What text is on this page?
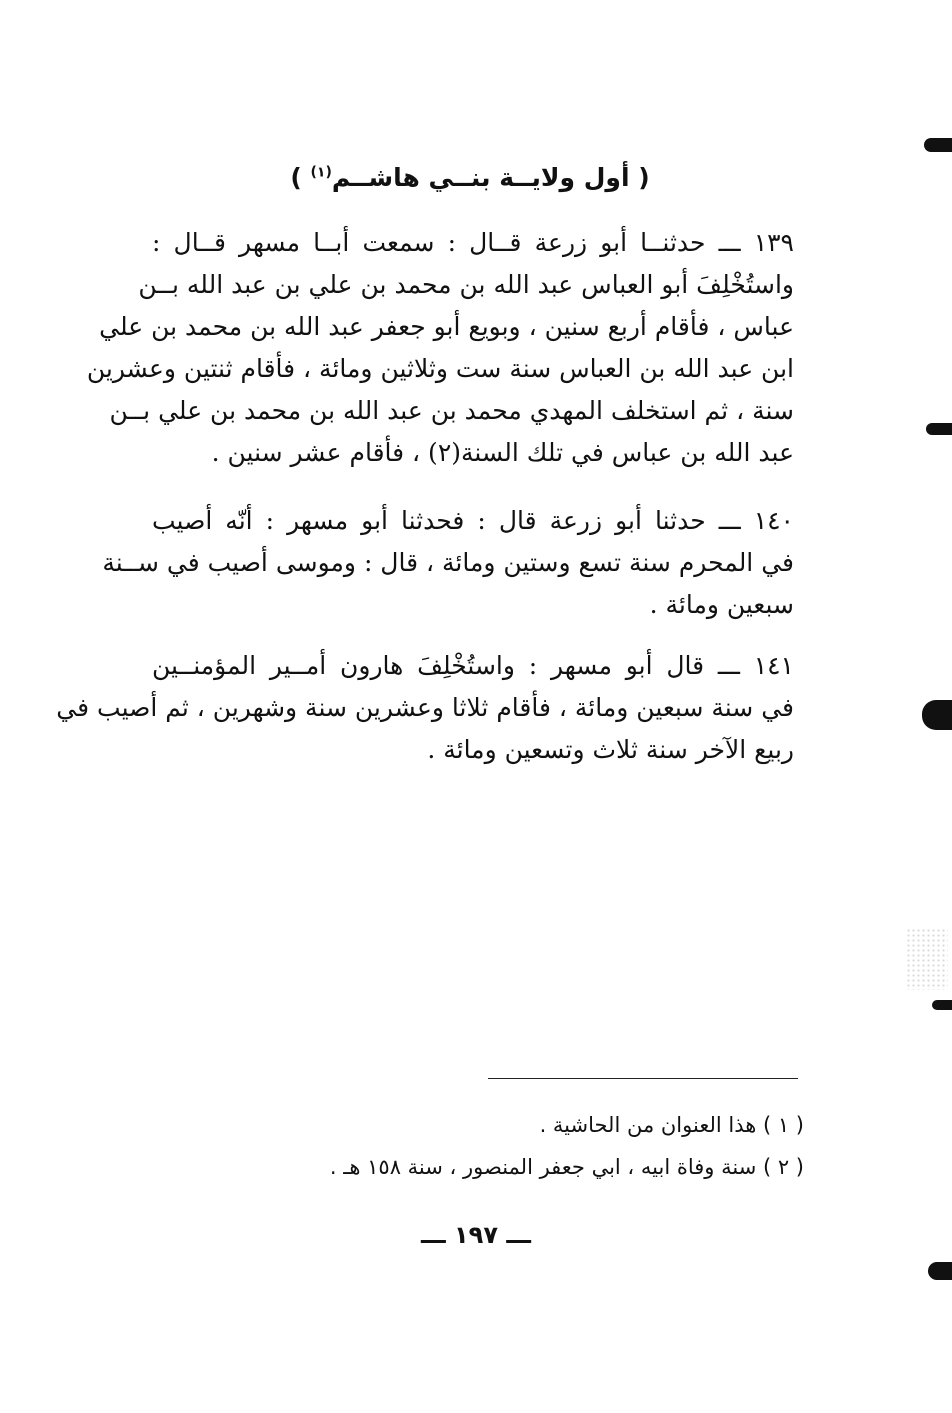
( أول ولايــة بنــي هاشــم$^{(١)}$ )
١٣٩ ـــ حدثنــا أبو زرعة قــال : سمعت أبــا مسهر قــال :
واستُخْلِفَ أبو العباس عبد الله بن محمد بن علي بن عبد الله بــن
عباس ، فأقام أربع سنين ، وبويع أبو جعفر عبد الله بن محمد بن علي
ابن عبد الله بن العباس سنة ست وثلاثين ومائة ، فأقام ثنتين وعشرين
سنة ، ثم استخلف المهدي محمد بن عبد الله بن محمد بن علي بــن
عبد الله بن عباس في تلك السنة(٢) ، فأقام عشر سنين .
١٤٠ ـــ حدثنا أبو زرعة قال : فحدثنا أبو مسهر : أنّه أصيب
في المحرم سنة تسع وستين ومائة ، قال : وموسى أصيب في ســنة
سبعين ومائة .
١٤١ ـــ قال أبو مسهر : واستُخْلِفَ هارون أمــير المؤمنــين
في سنة سبعين ومائة ، فأقام ثلاثا وعشرين سنة وشهرين ، ثم أصيب في
ربيع الآخر سنة ثلاث وتسعين ومائة .

( ١ ) هذا العنوان من الحاشية .

( ٢ ) سنة وفاة ابيه ، ابي جعفر المنصور ، سنة ١٥٨ هـ .

ـــ ١٩٧ ـــ
